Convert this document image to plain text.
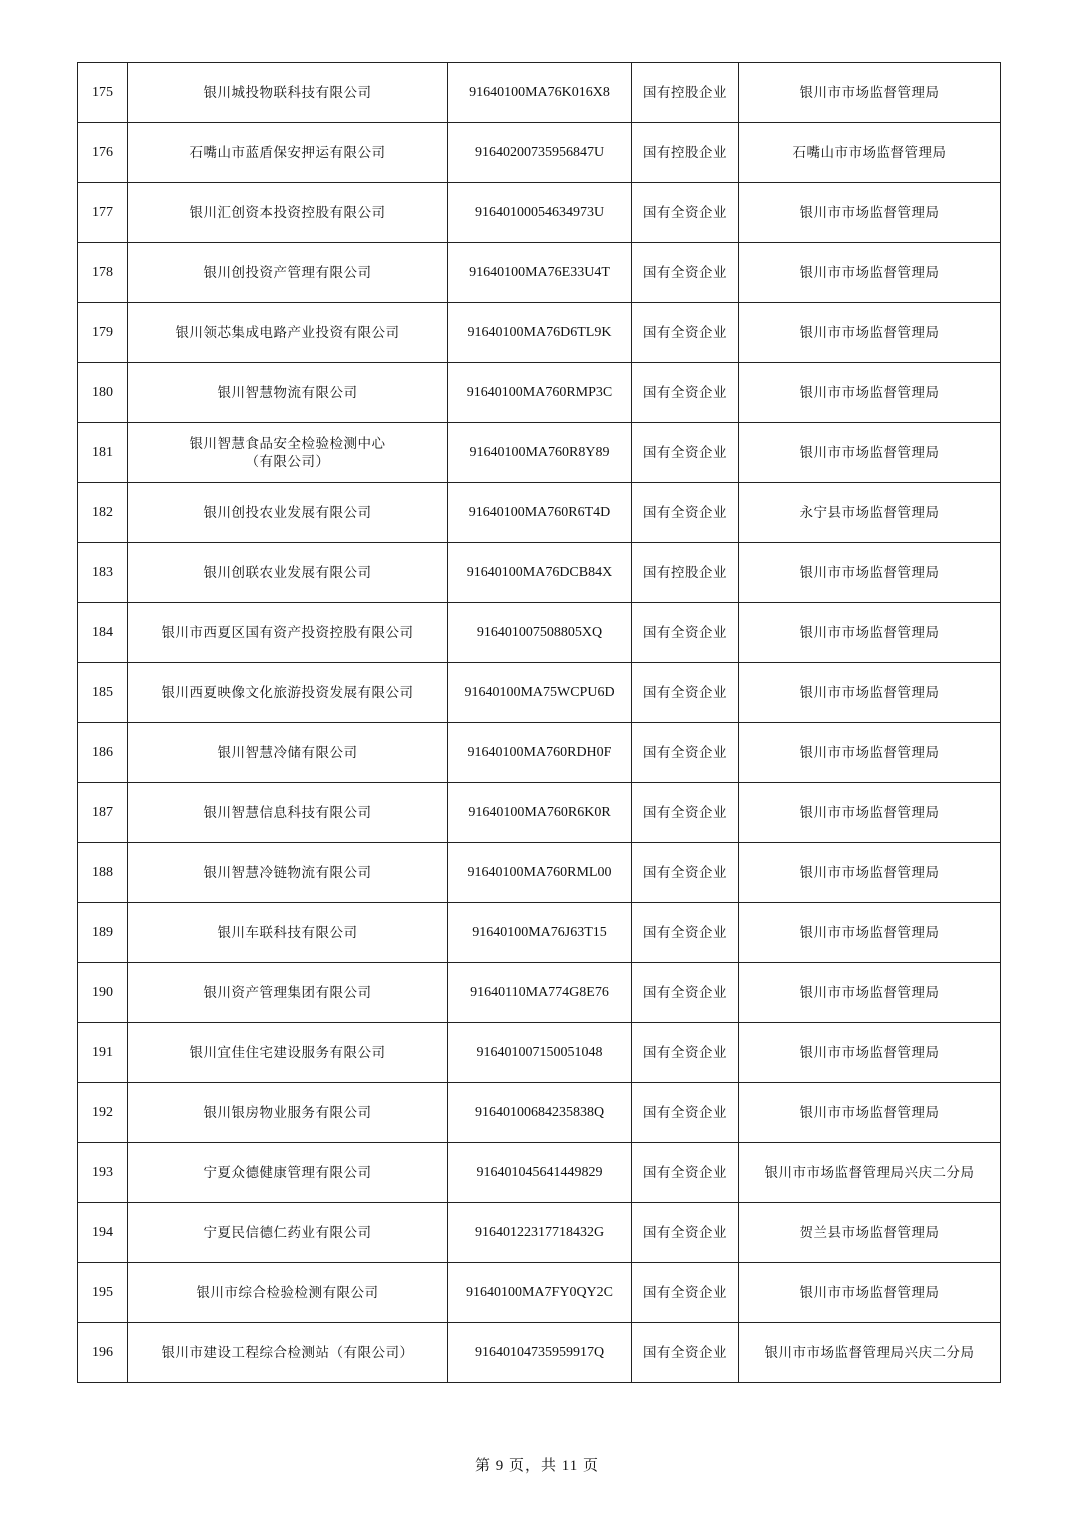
175	银川城投物联科技有限公司	91640100MA76K016X8	国有控股企业	银川市市场监督管理局
176	石嘴山市蓝盾保安押运有限公司	91640200735956847U	国有控股企业	石嘴山市市场监督管理局
177	银川汇创资本投资控股有限公司	91640100054634973U	国有全资企业	银川市市场监督管理局
178	银川创投资产管理有限公司	91640100MA76E33U4T	国有全资企业	银川市市场监督管理局
179	银川领芯集成电路产业投资有限公司	91640100MA76D6TL9K	国有全资企业	银川市市场监督管理局
180	银川智慧物流有限公司	91640100MA760RMP3C	国有全资企业	银川市市场监督管理局
181	银川智慧食品安全检验检测中心
（有限公司）	91640100MA760R8Y89	国有全资企业	银川市市场监督管理局
182	银川创投农业发展有限公司	91640100MA760R6T4D	国有全资企业	永宁县市场监督管理局
183	银川创联农业发展有限公司	91640100MA76DCB84X	国有控股企业	银川市市场监督管理局
184	银川市西夏区国有资产投资控股有限公司	916401007508805XQ	国有全资企业	银川市市场监督管理局
185	银川西夏映像文化旅游投资发展有限公司	91640100MA75WCPU6D	国有全资企业	银川市市场监督管理局
186	银川智慧冷储有限公司	91640100MA760RDH0F	国有全资企业	银川市市场监督管理局
187	银川智慧信息科技有限公司	91640100MA760R6K0R	国有全资企业	银川市市场监督管理局
188	银川智慧冷链物流有限公司	91640100MA760RML00	国有全资企业	银川市市场监督管理局
189	银川车联科技有限公司	91640100MA76J63T15	国有全资企业	银川市市场监督管理局
190	银川资产管理集团有限公司	91640110MA774G8E76	国有全资企业	银川市市场监督管理局
191	银川宜佳住宅建设服务有限公司	916401007150051048	国有全资企业	银川市市场监督管理局
192	银川银房物业服务有限公司	91640100684235838Q	国有全资企业	银川市市场监督管理局
193	宁夏众德健康管理有限公司	916401045641449829	国有全资企业	银川市市场监督管理局兴庆二分局
194	宁夏民信德仁药业有限公司	91640122317718432G	国有全资企业	贺兰县市场监督管理局
195	银川市综合检验检测有限公司	91640100MA7FY0QY2C	国有全资企业	银川市市场监督管理局
196	银川市建设工程综合检测站（有限公司）	91640104735959917Q	国有全资企业	银川市市场监督管理局兴庆二分局
第 9 页，共 11 页
